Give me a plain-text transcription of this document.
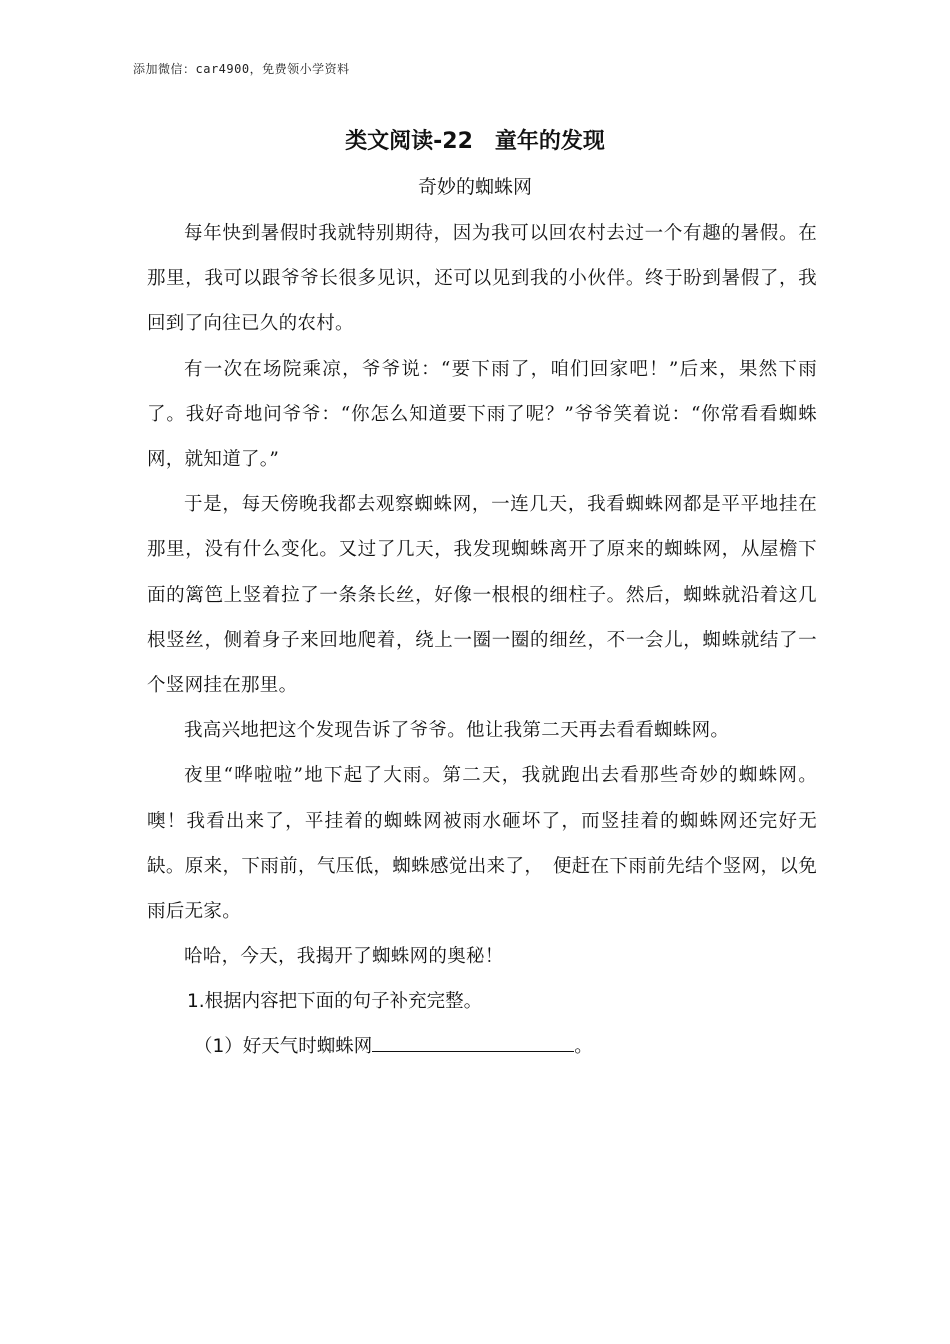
添加微信：car4900，免费领小学资料
类文阅读-22　童年的发现
奇妙的蜘蛛网

每年快到暑假时我就特别期待，因为我可以回农村去过一个有趣的暑假。在那里，我可以跟爷爷长很多见识，还可以见到我的小伙伴。终于盼到暑假了，我回到了向往已久的农村。

有一次在场院乘凉，爷爷说：“要下雨了，咱们回家吧！”后来，果然下雨了。我好奇地问爷爷：“你怎么知道要下雨了呢？”爷爷笑着说：“你常看看蜘蛛网，就知道了。”

于是，每天傍晚我都去观察蜘蛛网，一连几天，我看蜘蛛网都是平平地挂在那里，没有什么变化。又过了几天，我发现蜘蛛离开了原来的蜘蛛网，从屋檐下面的篱笆上竖着拉了一条条长丝，好像一根根的细柱子。然后，蜘蛛就沿着这几根竖丝，侧着身子来回地爬着，绕上一圈一圈的细丝，不一会儿，蜘蛛就结了一个竖网挂在那里。

我高兴地把这个发现告诉了爷爷。他让我第二天再去看看蜘蛛网。

夜里“哗啦啦”地下起了大雨。第二天，我就跑出去看那些奇妙的蜘蛛网。噢！我看出来了，平挂着的蜘蛛网被雨水砸坏了，而竖挂着的蜘蛛网还完好无缺。原来，下雨前，气压低，蜘蛛感觉出来了，　便赶在下雨前先结个竖网，以免雨后无家。

哈哈，今天，我揭开了蜘蛛网的奥秘！

1.根据内容把下面的句子补充完整。

（1）好天气时蜘蛛网	。
